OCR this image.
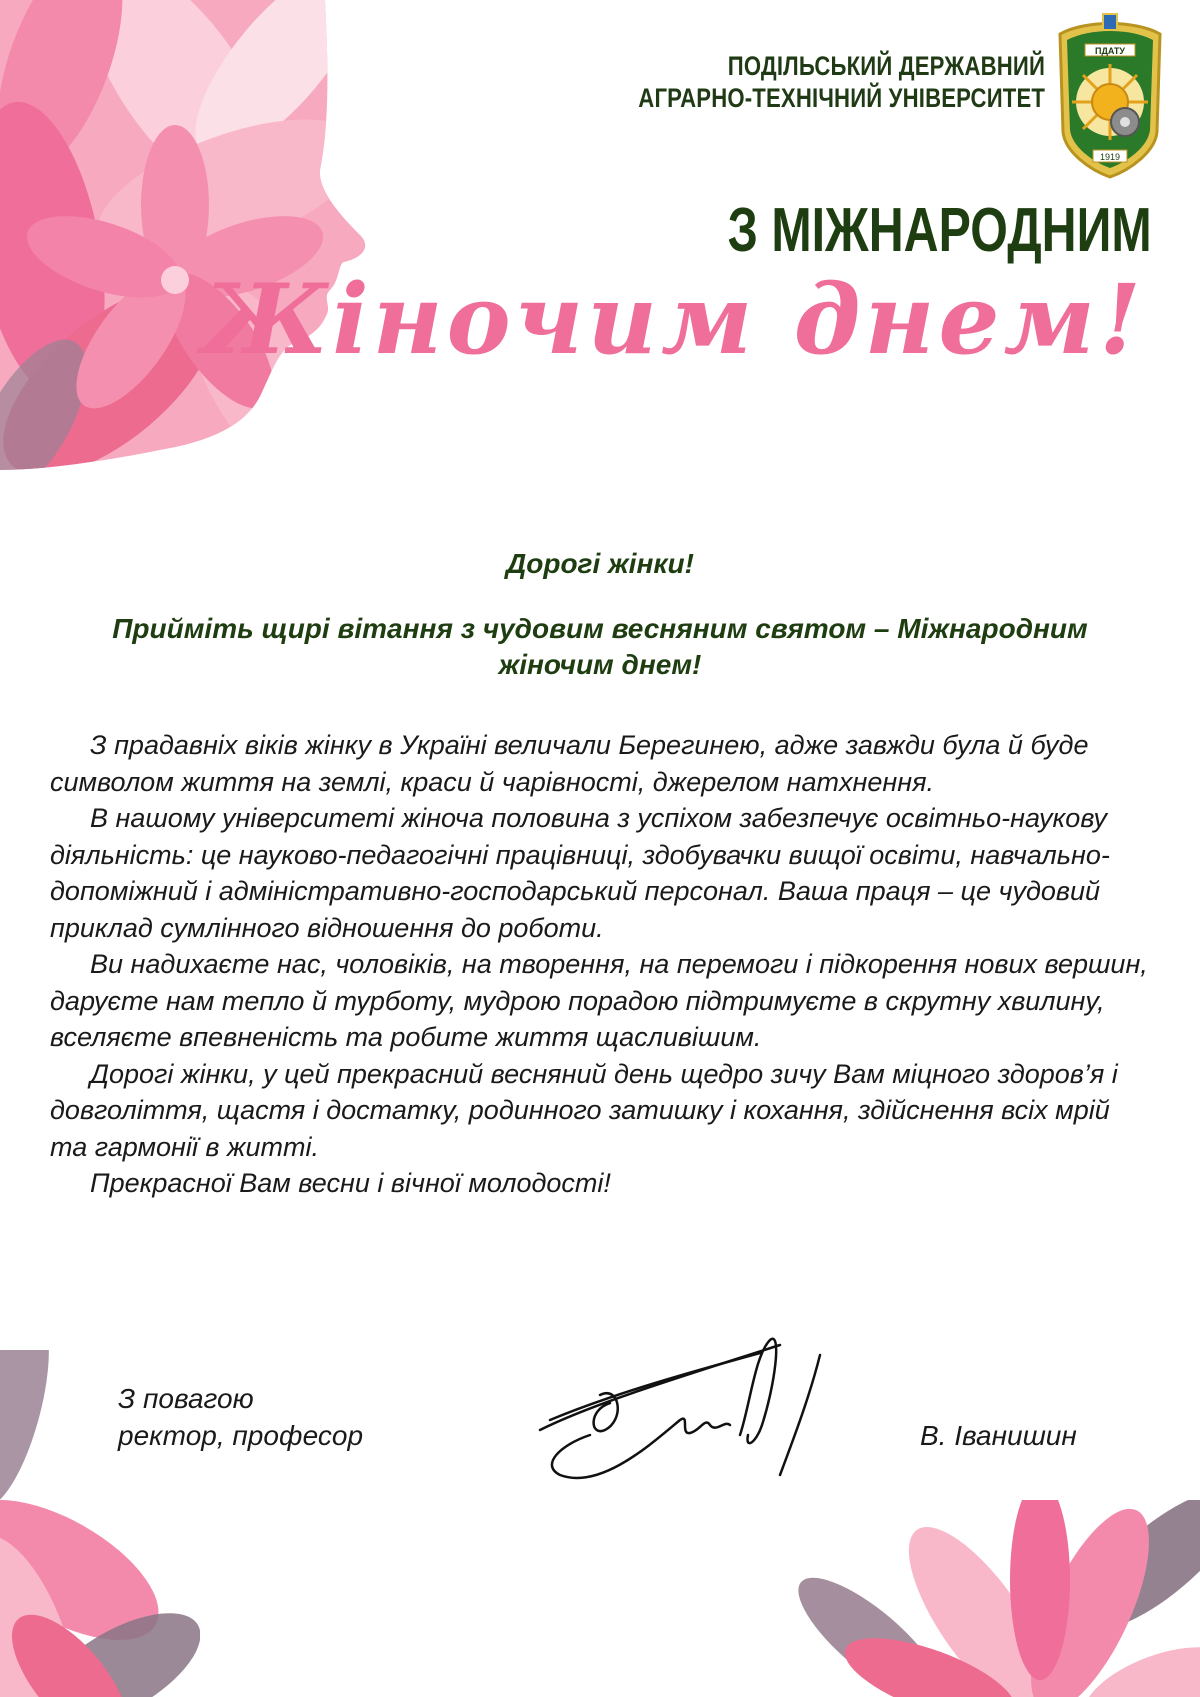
ПОДІЛЬСЬКИЙ ДЕРЖАВНИЙ
АГРАРНО-ТЕХНІЧНИЙ УНІВЕРСИТЕТ
ПДАТУ
1919
З МІЖНАРОДНИМ
Жіночим днем!

Дорогі жінки!

Прийміть щирі вітання з чудовим весняним святом – Міжнародним жіночим днем!

З прадавніх віків жінку в Україні величали Берегинею, адже завжди була й буде символом життя на землі, краси й чарівності, джерелом натхнення.

В нашому університеті жіноча половина з успіхом забезпечує освітньо-наукову діяльність: це науково-педагогічні працівниці, здобувачки вищої освіти, навчально-допоміжний і адміністративно-господарський персонал. Ваша праця – це чудовий приклад сумлінного відношення до роботи.

Ви надихаєте нас, чоловіків, на творення, на перемоги і підкорення нових вершин, даруєте нам тепло й турботу, мудрою порадою підтримуєте в скрутну хвилину, вселяєте впевненість та робите життя щасливішим.

Дорогі жінки, у цей прекрасний весняний день щедро зичу Вам міцного здоров’я і довголіття, щастя і достатку, родинного затишку і кохання, здійснення всіх мрій та гармонії в житті.

Прекрасної Вам весни і вічної молодості!

З повагою
ректор, професор	В. Іванишин
